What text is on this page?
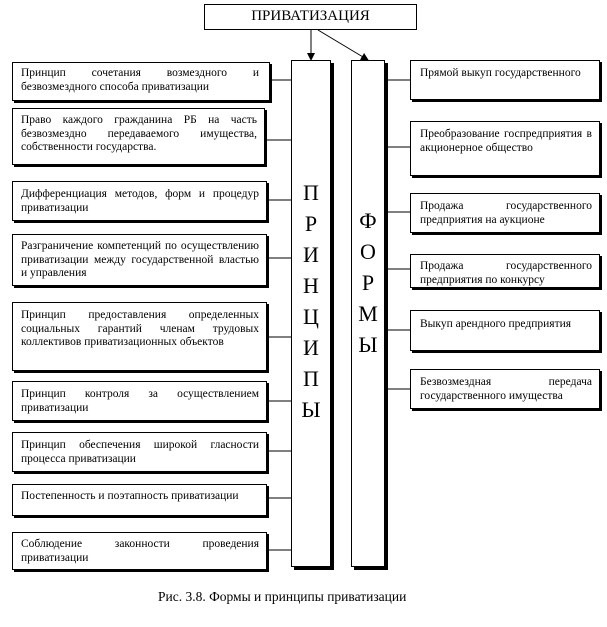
ПРИВАТИЗАЦИЯ
П
Р
И
Н
Ц
И
П
Ы
Ф
О
Р
М
Ы
Принцип сочетания возмездного и безвозмездного способа приватизации
Право каждого гражданина РБ на часть безвозмездно передаваемого имущества, собственности государства.
Дифференциация методов, форм и процедур приватизации
Разграничение компетенций по осуществлению приватизации между государственной властью и управления
Принцип предоставления определенных социальных гарантий членам трудовых коллективов приватизационных объектов
Принцип контроля за осуществлением приватизации
Принцип обеспечения широкой гласности процесса приватизации
Постепенность и поэтапность приватизации
Соблюдение законности проведения приватизации
Прямой выкуп государственного
Преобразование госпредприятия в акционерное общество
Продажа государственного предприятия на аукционе
Продажа государственного предприятия по конкурсу
Выкуп арендного предприятия
Безвозмездная передача государственного имущества
Рис. 3.8. Формы и принципы приватизации
